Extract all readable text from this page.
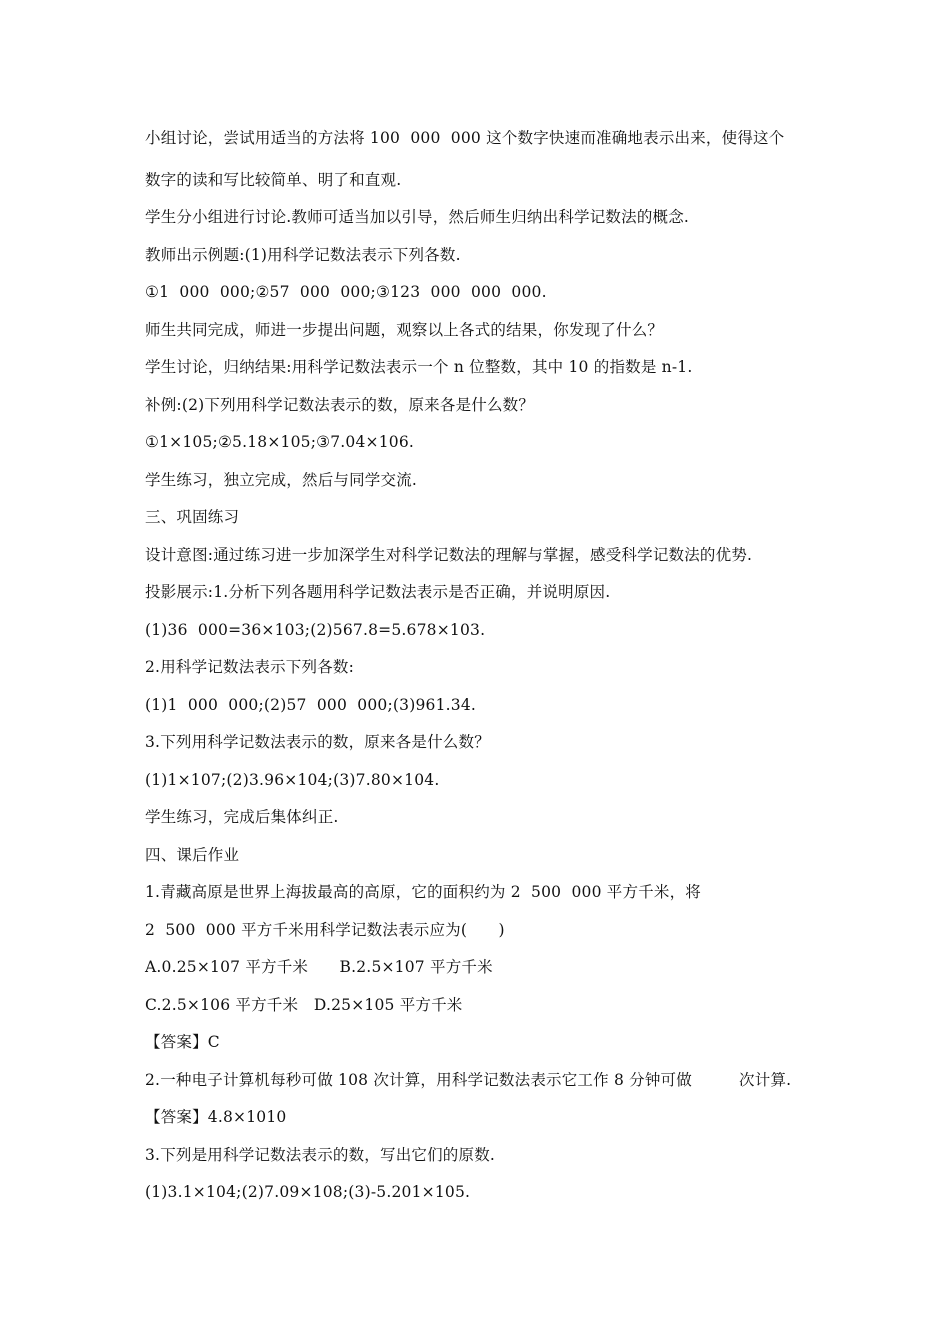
小组讨论，尝试用适当的方法将 100  000  000 这个数字快速而准确地表示出来，使得这个
数字的读和写比较简单、明了和直观.
学生分小组进行讨论.教师可适当加以引导，然后师生归纳出科学记数法的概念.
教师出示例题:(1)用科学记数法表示下列各数.
①1  000  000;②57  000  000;③123  000  000  000.
师生共同完成，师进一步提出问题，观察以上各式的结果，你发现了什么？
学生讨论，归纳结果:用科学记数法表示一个 n 位整数，其中 10 的指数是 n-1.
补例:(2)下列用科学记数法表示的数，原来各是什么数？
①1×105;②5.18×105;③7.04×106.
学生练习，独立完成，然后与同学交流.
三、巩固练习
设计意图:通过练习进一步加深学生对科学记数法的理解与掌握，感受科学记数法的优势.
投影展示:1.分析下列各题用科学记数法表示是否正确，并说明原因.
(1)36  000=36×103;(2)567.8=5.678×103.
2.用科学记数法表示下列各数:
(1)1  000  000;(2)57  000  000;(3)961.34.
3.下列用科学记数法表示的数，原来各是什么数？
(1)1×107;(2)3.96×104;(3)7.80×104.
学生练习，完成后集体纠正.
四、课后作业
1.青藏高原是世界上海拔最高的高原，它的面积约为 2  500  000 平方千米，将
2  500  000 平方千米用科学记数法表示应为(　　)
A.0.25×107 平方千米　　B.2.5×107 平方千米
C.2.5×106 平方千米　D.25×105 平方千米
【答案】C
2.一种电子计算机每秒可做 108 次计算，用科学记数法表示它工作 8 分钟可做　　　次计算.
【答案】4.8×1010
3.下列是用科学记数法表示的数，写出它们的原数.
(1)3.1×104;(2)7.09×108;(3)-5.201×105.
